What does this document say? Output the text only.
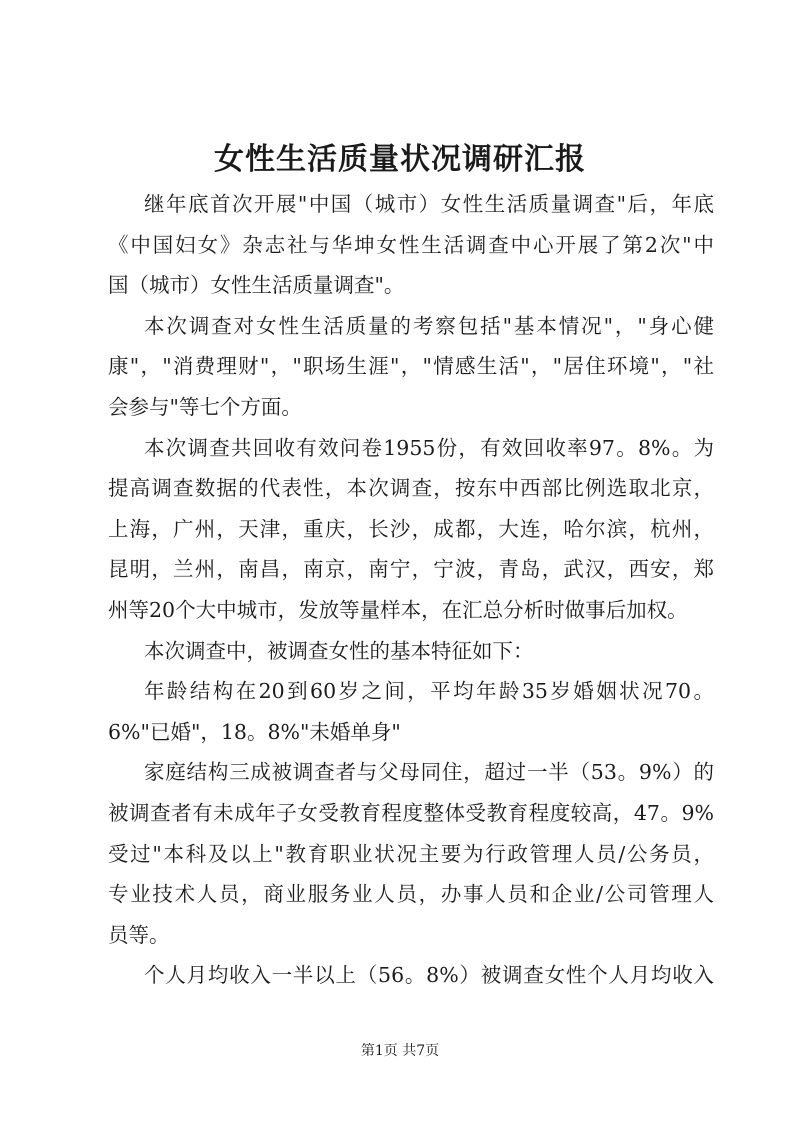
女性生活质量状况调研汇报
继年底首次开展"中国（城市）女性生活质量调查"后，年底
《中国妇女》杂志社与华坤女性生活调查中心开展了第2次"中
国（城市）女性生活质量调查"。
本次调查对女性生活质量的考察包括"基本情况"，"身心健
康"，"消费理财"，"职场生涯"，"情感生活"，"居住环境"，"社
会参与"等七个方面。
本次调查共回收有效问卷1955份，有效回收率97。8%。为
提高调查数据的代表性，本次调查，按东中西部比例选取北京，
上海，广州，天津，重庆，长沙，成都，大连，哈尔滨，杭州，
昆明，兰州，南昌，南京，南宁，宁波，青岛，武汉，西安，郑
州等20个大中城市，发放等量样本，在汇总分析时做事后加权。
本次调查中，被调查女性的基本特征如下：
年龄结构在20到60岁之间，平均年龄35岁婚姻状况70。
6%"已婚"，18。8%"未婚单身"
家庭结构三成被调查者与父母同住，超过一半（53。9%）的
被调查者有未成年子女受教育程度整体受教育程度较高，47。9%
受过"本科及以上"教育职业状况主要为行政管理人员/公务员，
专业技术人员，商业服务业人员，办事人员和企业/公司管理人
员等。
个人月均收入一半以上（56。8%）被调查女性个人月均收入
第1页 共7页
